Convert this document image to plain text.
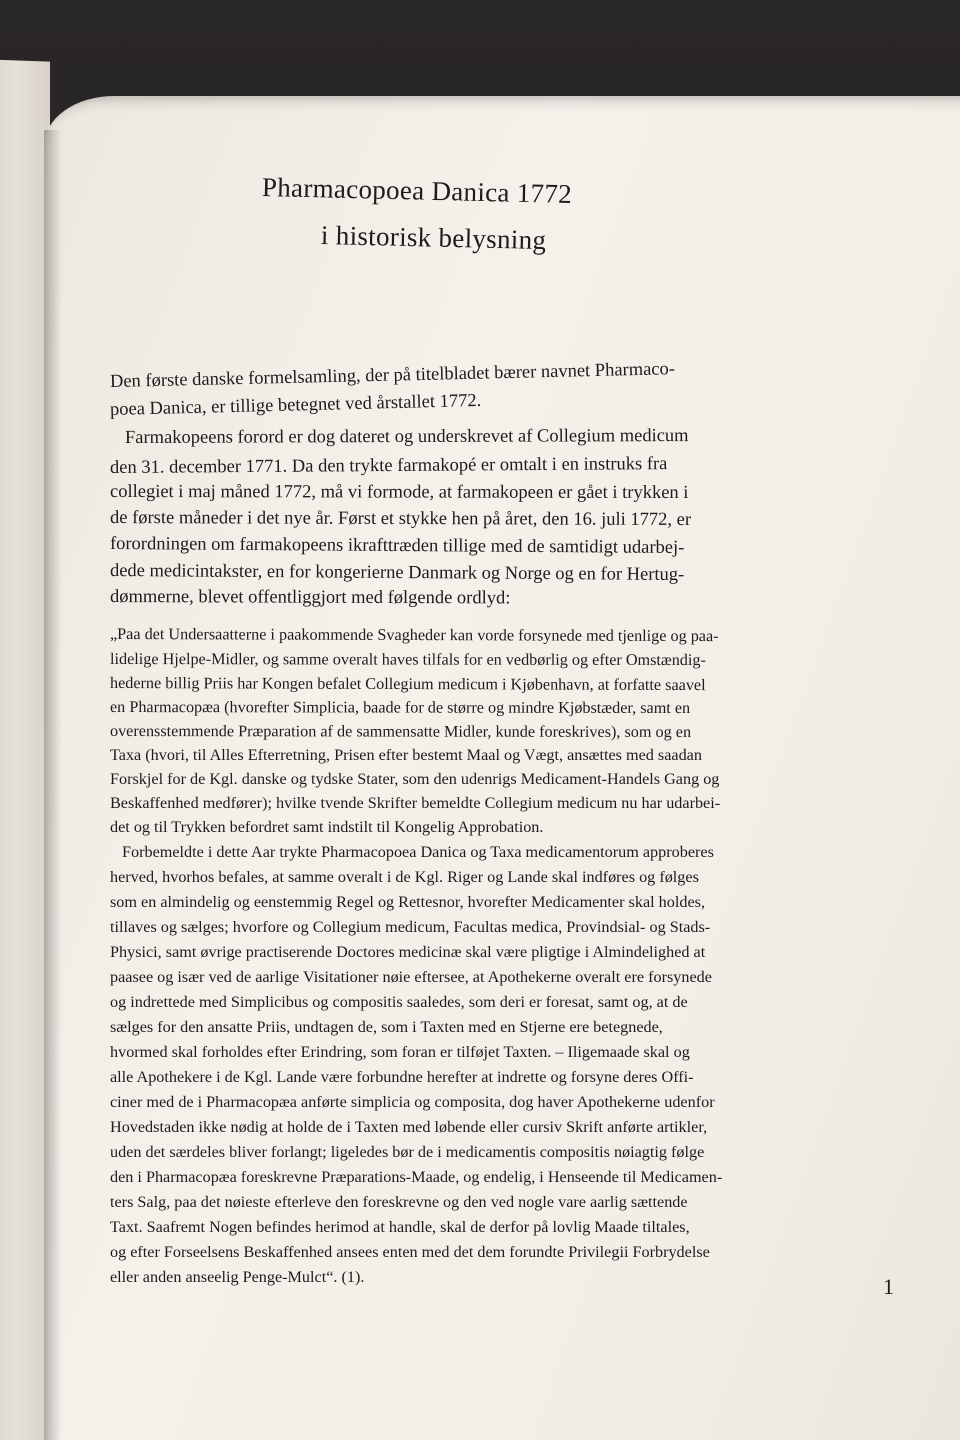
Pharmacopoea Danica 1772
i historisk belysning
Den første danske formelsamling, der på titelbladet bærer navnet Pharmaco-
poea Danica, er tillige betegnet ved årstallet 1772.
Farmakopeens forord er dog dateret og underskrevet af Collegium medicum
den 31. december 1771. Da den trykte farmakopé er omtalt i en instruks fra
collegiet i maj måned 1772, må vi formode, at farmakopeen er gået i trykken i
de første måneder i det nye år. Først et stykke hen på året, den 16. juli 1772, er
forordningen om farmakopeens ikrafttræden tillige med de samtidigt udarbej-
dede medicintakster, en for kongerierne Danmark og Norge og en for Hertug-
dømmerne, blevet offentliggjort med følgende ordlyd:
„Paa det Undersaatterne i paakommende Svagheder kan vorde forsynede med tjenlige og paa-
lidelige Hjelpe-Midler, og samme overalt haves tilfals for en vedbørlig og efter Omstændig-
hederne billig Priis har Kongen befalet Collegium medicum i Kjøbenhavn, at forfatte saavel
en Pharmacopæa (hvorefter Simplicia, baade for de større og mindre Kjøbstæder, samt en
overensstemmende Præparation af de sammensatte Midler, kunde foreskrives), som og en
Taxa (hvori, til Alles Efterretning, Prisen efter bestemt Maal og Vægt, ansættes med saadan
Forskjel for de Kgl. danske og tydske Stater, som den udenrigs Medicament-Handels Gang og
Beskaffenhed medfører); hvilke tvende Skrifter bemeldte Collegium medicum nu har udarbei-
det og til Trykken befordret samt indstilt til Kongelig Approbation.
Forbemeldte i dette Aar trykte Pharmacopoea Danica og Taxa medicamentorum approberes
herved, hvorhos befales, at samme overalt i de Kgl. Riger og Lande skal indføres og følges
som en almindelig og eenstemmig Regel og Rettesnor, hvorefter Medicamenter skal holdes,
tillaves og sælges; hvorfore og Collegium medicum, Facultas medica, Provindsial- og Stads-
Physici, samt øvrige practiserende Doctores medicinæ skal være pligtige i Almindelighed at
paasee og især ved de aarlige Visitationer nøie eftersee, at Apothekerne overalt ere forsynede
og indrettede med Simplicibus og compositis saaledes, som deri er foresat, samt og, at de
sælges for den ansatte Priis, undtagen de, som i Taxten med en Stjerne ere betegnede,
hvormed skal forholdes efter Erindring, som foran er tilføjet Taxten. – Iligemaade skal og
alle Apothekere i de Kgl. Lande være forbundne herefter at indrette og forsyne deres Offi-
ciner med de i Pharmacopæa anførte simplicia og composita, dog haver Apothekerne udenfor
Hovedstaden ikke nødig at holde de i Taxten med løbende eller cursiv Skrift anførte artikler,
uden det særdeles bliver forlangt; ligeledes bør de i medicamentis compositis nøiagtig følge
den i Pharmacopæa foreskrevne Præparations-Maade, og endelig, i Henseende til Medicamen-
ters Salg, paa det nøieste efterleve den foreskrevne og den ved nogle vare aarlig sættende
Taxt. Saafremt Nogen befindes herimod at handle, skal de derfor på lovlig Maade tiltales,
og efter Forseelsens Beskaffenhed ansees enten med det dem forundte Privilegii Forbrydelse
eller anden anseelig Penge-Mulct“. (1).	1
